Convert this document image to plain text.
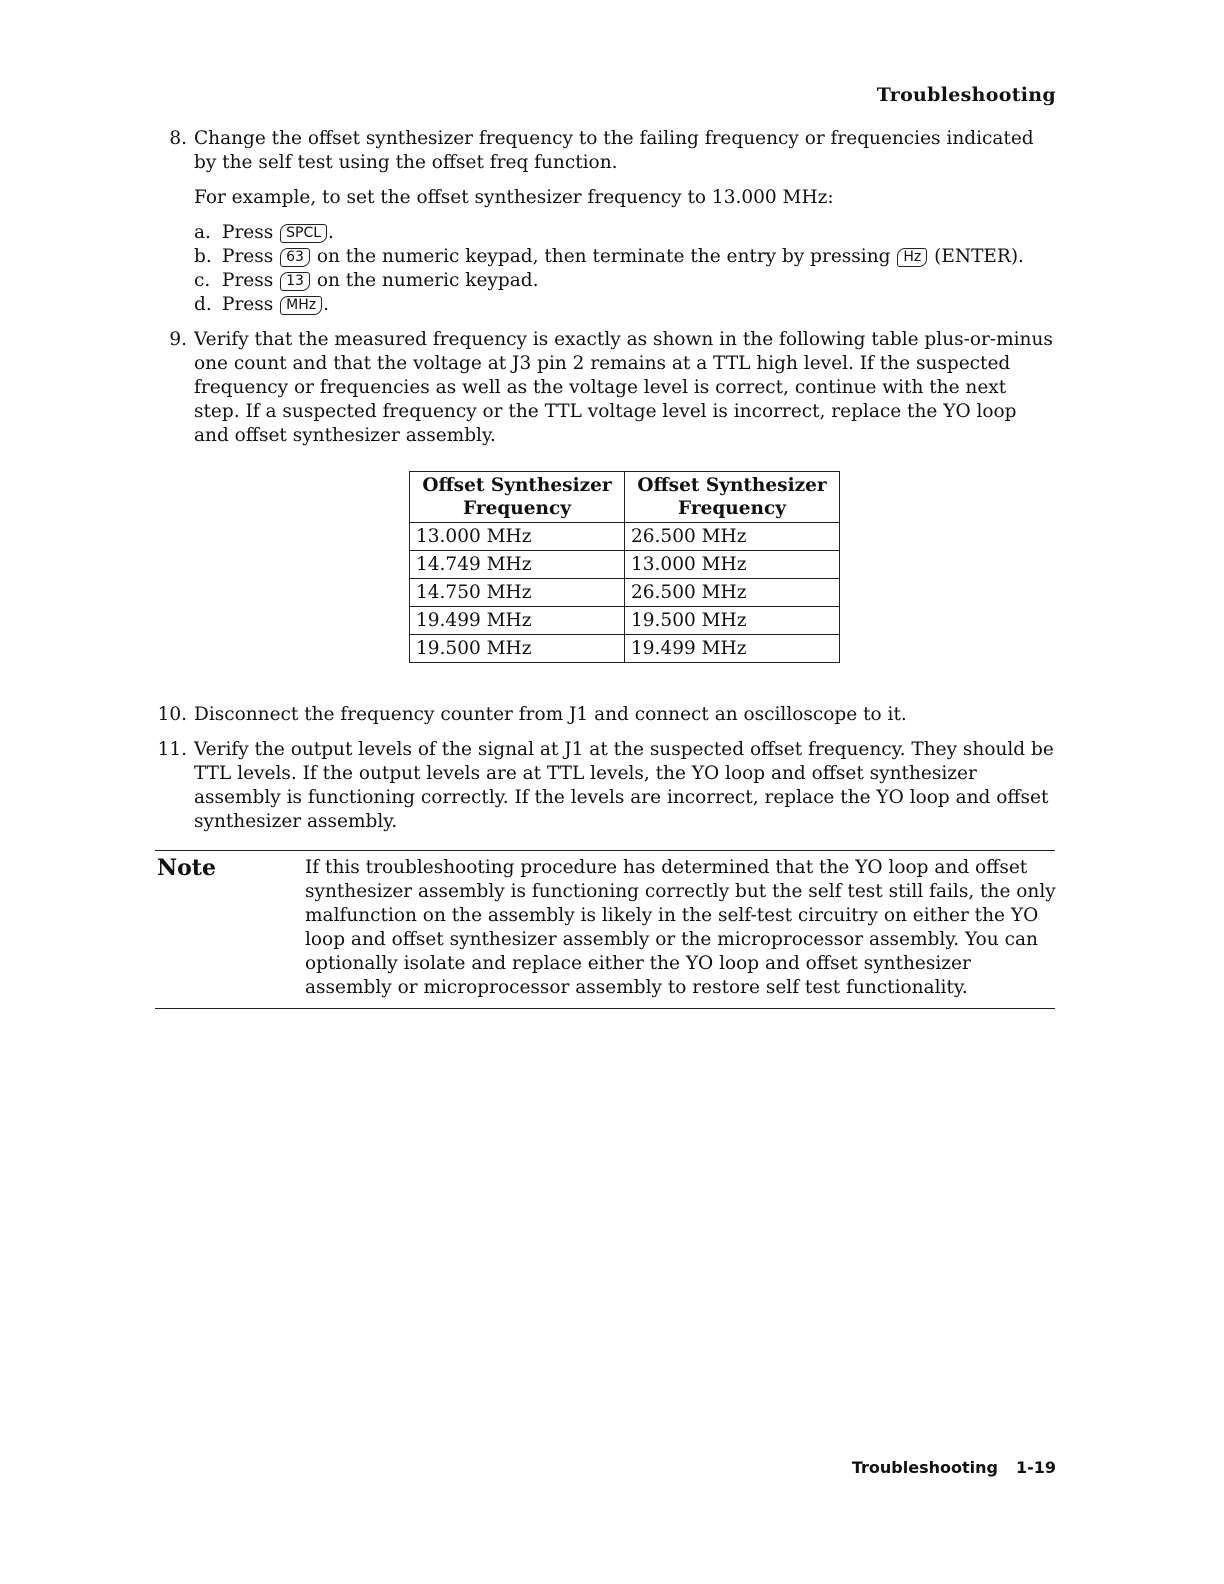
Troubleshooting
8. Change the offset synthesizer frequency to the failing frequency or frequencies indicated by the self test using the offset freq function.
For example, to set the offset synthesizer frequency to 13.000 MHz:
a. Press SPCL .
b. Press 63 on the numeric keypad, then terminate the entry by pressing Hz (ENTER).
c. Press 13 on the numeric keypad.
d. Press MHz .
9. Verify that the measured frequency is exactly as shown in the following table plus-or-minus one count and that the voltage at J3 pin 2 remains at a TTL high level. If the suspected frequency or frequencies as well as the voltage level is correct, continue with the next step. If a suspected frequency or the TTL voltage level is incorrect, replace the YO loop and offset synthesizer assembly.
Offset Synthesizer Frequency	Offset Synthesizer Frequency
13.000 MHz	26.500 MHz
14.749 MHz	13.000 MHz
14.750 MHz	26.500 MHz
19.499 MHz	19.500 MHz
19.500 MHz	19.499 MHz
10. Disconnect the frequency counter from J1 and connect an oscilloscope to it.
11. Verify the output levels of the signal at J1 at the suspected offset frequency. They should be TTL levels. If the output levels are at TTL levels, the YO loop and offset synthesizer assembly is functioning correctly. If the levels are incorrect, replace the YO loop and offset synthesizer assembly.
Note	If this troubleshooting procedure has determined that the YO loop and offset synthesizer assembly is functioning correctly but the self test still fails, the only malfunction on the assembly is likely in the self-test circuitry on either the YO loop and offset synthesizer assembly or the microprocessor assembly. You can optionally isolate and replace either the YO loop and offset synthesizer assembly or microprocessor assembly to restore self test functionality.
Troubleshooting 1-19
